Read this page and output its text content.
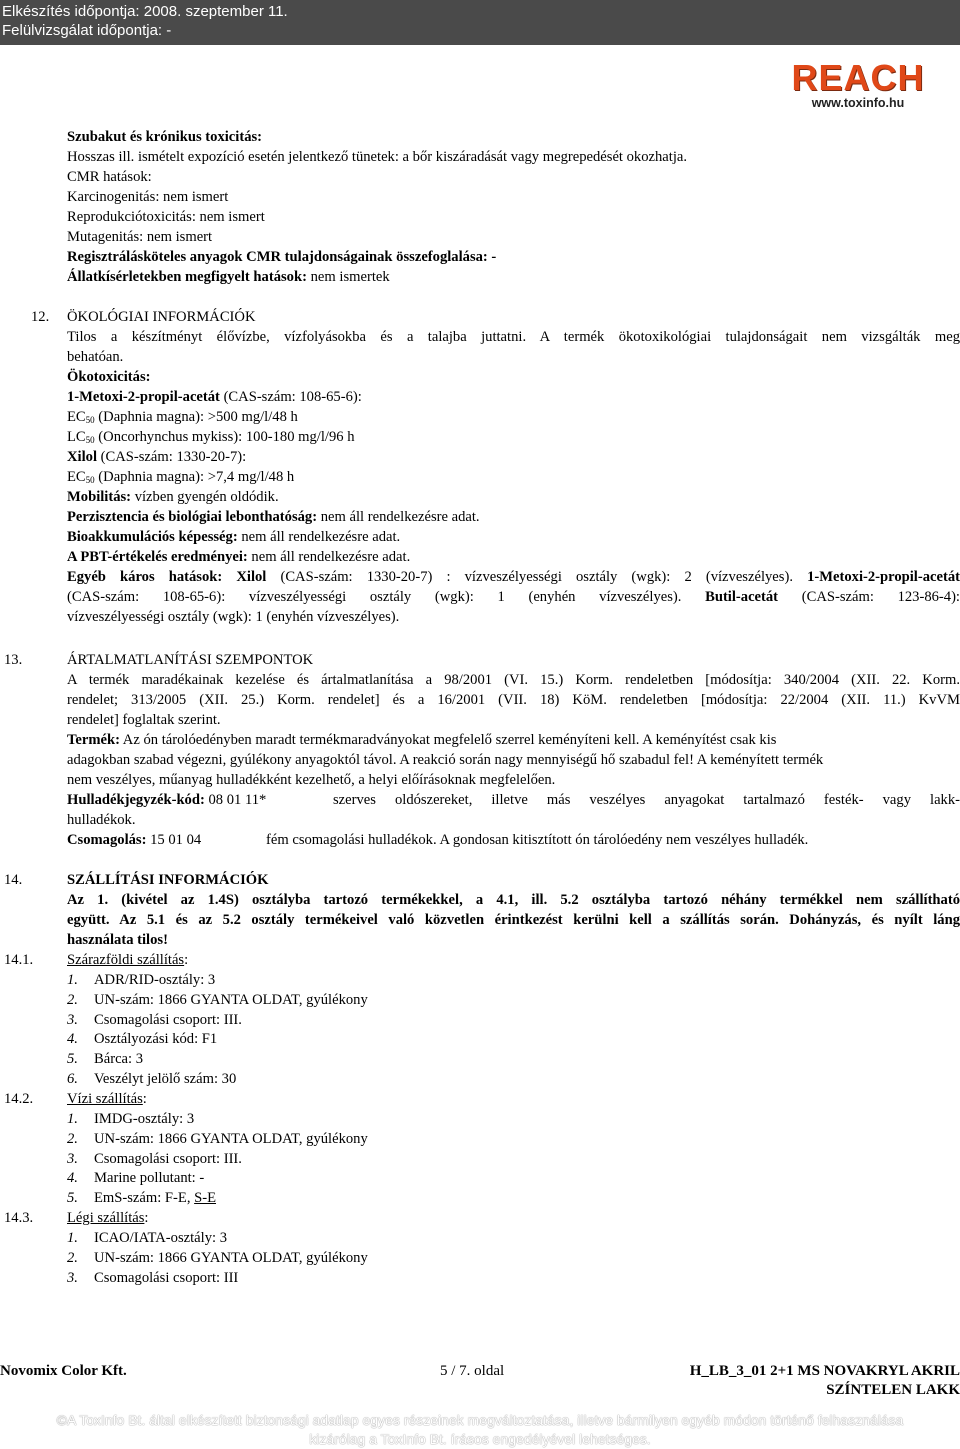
Elkészítés időpontja: 2008. szeptember 11.
Felülvizsgálat időpontja: -
REACH
www.toxinfo.hu
Szubakut és krónikus toxicitás:
Hosszas ill. ismételt expozíció esetén jelentkező tünetek: a bőr kiszáradását vagy megrepedését okozhatja.
CMR hatások:
Karcinogenitás: nem ismert
Reprodukciótoxicitás: nem ismert
Mutagenitás: nem ismert
Regisztrálásköteles anyagok CMR tulajdonságainak összefoglalása: -
Állatkísérletekben megfigyelt hatások: nem ismertek
12. ÖKOLÓGIAI INFORMÁCIÓK
Tilos a készítményt élővízbe, vízfolyásokba és a talajba juttatni. A termék ökotoxikológiai tulajdonságait nem vizsgálták meg
behatóan.
Ökotoxicitás:
1-Metoxi-2-propil-acetát (CAS-szám: 108-65-6):
$EC_{50}$ (Daphnia magna): >500 mg/l/48 h
$LC_{50}$ (Oncorhynchus mykiss): 100-180 mg/l/96 h
Xilol (CAS-szám: 1330-20-7):
$EC_{50}$ (Daphnia magna): >7,4 mg/l/48 h
Mobilitás: vízben gyengén oldódik.
Perzisztencia és biológiai lebonthatóság: nem áll rendelkezésre adat.
Bioakkumulációs képesség: nem áll rendelkezésre adat.
A PBT-értékelés eredményei: nem áll rendelkezésre adat.
Egyéb káros hatások: Xilol (CAS-szám: 1330-20-7) : vízveszélyességi osztály (wgk): 2 (vízveszélyes). 1-Metoxi-2-propil-acetát
(CAS-szám: 108-65-6): vízveszélyességi osztály (wgk): 1 (enyhén vízveszélyes). Butil-acetát (CAS-szám: 123-86-4):
vízveszélyességi osztály (wgk): 1 (enyhén vízveszélyes).
13.	ÁRTALMATLANÍTÁSI SZEMPONTOK
A termék maradékainak kezelése és ártalmatlanítása a 98/2001 (VI. 15.) Korm. rendeletben [módosítja: 340/2004 (XII. 22. Korm.
rendelet; 313/2005 (XII. 25.) Korm. rendelet] és a 16/2001 (VII. 18) KöM. rendeletben [módosítja: 22/2004 (XII. 11.) KvVM
rendelet] foglaltak szerint.
Termék: Az ón tárolóedényben maradt termékmaradványokat megfelelő szerrel keményíteni kell. A keményítést csak kis
adagokban szabad végezni, gyúlékony anyagoktól távol. A reakció során nagy mennyiségű hő szabadul fel! A keményített termék
nem veszélyes, műanyag hulladékként kezelhető, a helyi előírásoknak megfelelően.
Hulladékjegyzék-kód: 08 01 11*	szerves oldószereket, illetve más veszélyes anyagokat tartalmazó festék- vagy lakk-
hulladékok.
Csomagolás: 15 01 04	fém csomagolási hulladékok. A gondosan kitisztított ón tárolóedény nem veszélyes hulladék.
14.	SZÁLLÍTÁSI INFORMÁCIÓK
Az 1. (kivétel az 1.4S) osztályba tartozó termékekkel, a 4.1, ill. 5.2 osztályba tartozó néhány termékkel nem szállítható
együtt. Az 5.1 és az 5.2 osztály termékeivel való közvetlen érintkezést kerülni kell a szállítás során. Dohányzás, és nyílt láng
használata tilos!
14.1. Szárazföldi szállítás:
1. ADR/RID-osztály: 3
2. UN-szám: 1866 GYANTA OLDAT, gyúlékony
3. Csomagolási csoport: III.
4. Osztályozási kód: F1
5. Bárca: 3
6. Veszélyt jelölő szám: 30
14.2. Vízi szállítás:
1. IMDG-osztály: 3
2. UN-szám: 1866 GYANTA OLDAT, gyúlékony
3. Csomagolási csoport: III.
4. Marine pollutant: -
5. EmS-szám: F-E, S-E
14.3. Légi szállítás:
1. ICAO/IATA-osztály: 3
2. UN-szám: 1866 GYANTA OLDAT, gyúlékony
3. Csomagolási csoport: III
Novomix Color Kft.	5 / 7. oldal	H_LB_3_01 2+1 MS NOVAKRYL AKRIL
SZÍNTELEN LAKK
©A ToxInfo Bt. által elkészített biztonsági adatlap egyes részeinek megváltoztatása, illetve bármilyen egyéb módon történő felhasználása
kizárólag a ToxInfo Bt. írásos engedélyével lehetséges.
